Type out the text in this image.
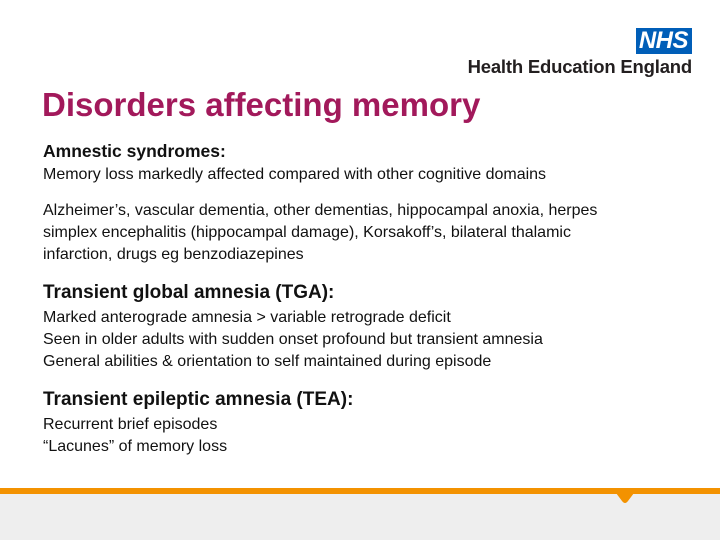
NHS
Health Education England
Disorders affecting memory

Amnestic syndromes:

Memory loss markedly affected compared with other cognitive domains

Alzheimer’s, vascular dementia, other dementias, hippocampal anoxia, herpes

simplex encephalitis (hippocampal damage), Korsakoff’s, bilateral thalamic

infarction, drugs eg benzodiazepines

Transient global amnesia (TGA):

Marked anterograde amnesia > variable retrograde deficit

Seen in older adults with sudden onset profound but transient amnesia

General abilities & orientation to self maintained during episode

Transient epileptic amnesia (TEA):

Recurrent brief episodes

“Lacunes” of memory loss
